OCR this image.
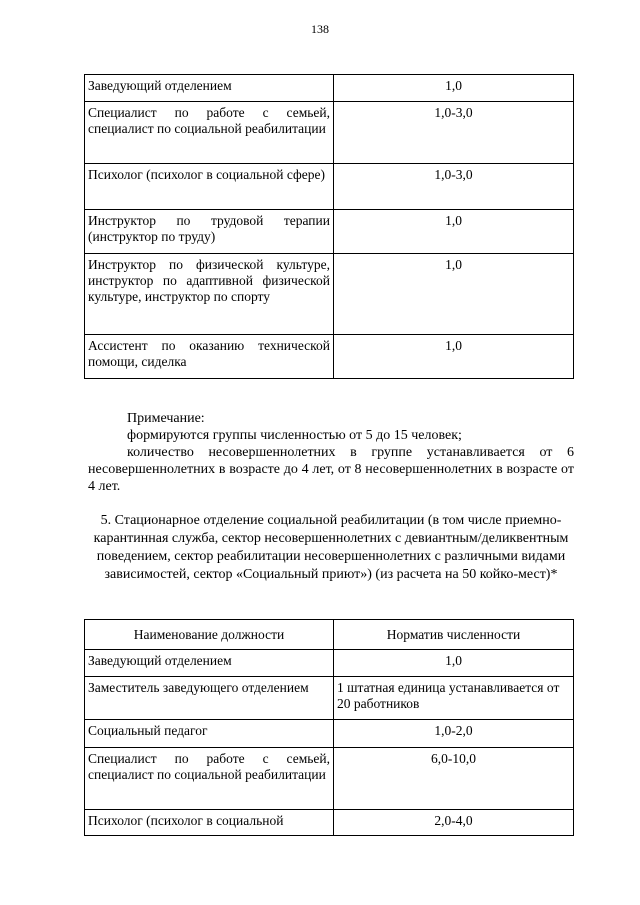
138
Заведующий отделением	1,0
Специалист по работе с семьей, специалист по социальной реабилитации	1,0-3,0
Психолог (психолог в социальной сфере)	1,0-3,0
Инструктор по трудовой терапии (инструктор по труду)	1,0
Инструктор по физической культуре, инструктор по адаптивной физической культуре, инструктор по спорту	1,0
Ассистент по оказанию технической помощи, сиделка	1,0

Примечание:

формируются группы численностью от 5 до 15 человек;

количество несовершеннолетних в группе устанавливается от 6 несовершеннолетних в возрасте до 4 лет, от 8 несовершеннолетних в возрасте от 4 лет.

5. Стационарное отделение социальной реабилитации (в том числе приемно-карантинная служба, сектор несовершеннолетних с девиантным/деликвентным поведением, сектор реабилитации несовершеннолетних с различными видами зависимостей, сектор «Социальный приют») (из расчета на 50 койко-мест)*
Наименование должности	Норматив численности
Заведующий отделением	1,0
Заместитель заведующего отделением	1 штатная единица устанавливается от 20 работников
Социальный педагог	1,0-2,0
Специалист по работе с семьей, специалист по социальной реабилитации	6,0-10,0
Психолог (психолог в социальной	2,0-4,0
